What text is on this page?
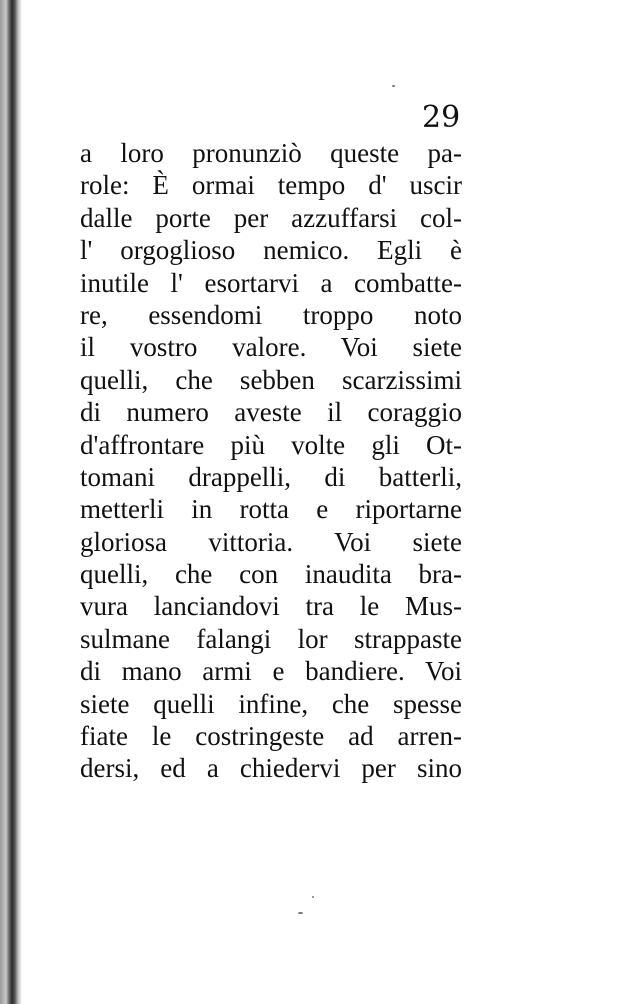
29

a loro pronunziò queste pa-
role: È ormai tempo d' uscir
dalle porte per azzuffarsi col-
l' orgoglioso nemico. Egli è
inutile l' esortarvi a combatte-
re, essendomi troppo noto
il vostro valore. Voi siete
quelli, che sebben scarzissimi
di numero aveste il coraggio
d'affrontare più volte gli Ot-
tomani drappelli, di batterli,
metterli in rotta e riportarne
gloriosa vittoria. Voi siete
quelli, che con inaudita bra-
vura lanciandovi tra le Mus-
sulmane falangi lor strappaste
di mano armi e bandiere. Voi
siete quelli infine, che spesse
fiate le costringeste ad arren-
dersi, ed a chiedervi per sino
